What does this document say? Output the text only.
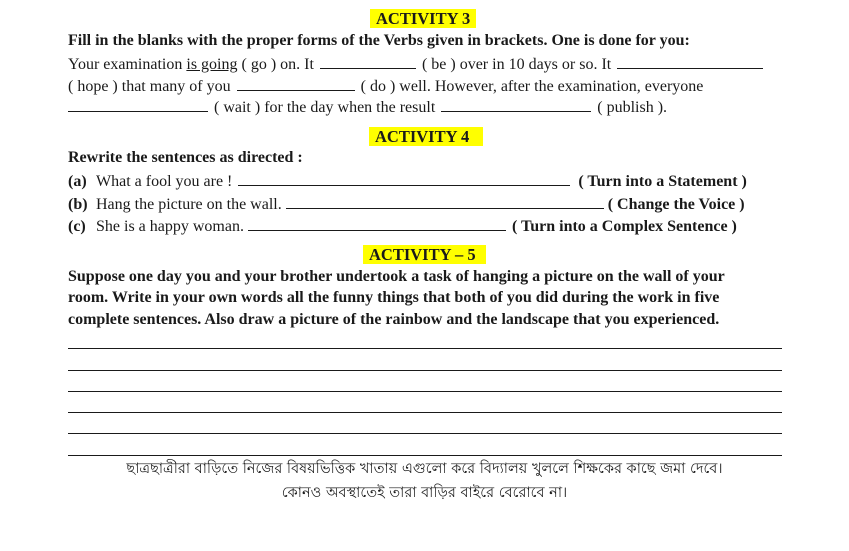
ACTIVITY 3
Fill in the blanks with the proper forms of the Verbs given in brackets. One is done for you:
Your examination is going ( go ) on. It	( be ) over in 10 days or so. It
( hope ) that many of you	( do ) well. However, after the examination, everyone
( wait ) for the day when the result	( publish ).
ACTIVITY 4
Rewrite the sentences as directed :
(a) What a fool you are !	( Turn into a Statement )
(b) Hang the picture on the wall.	( Change the Voice )
(c) She is a happy woman.	( Turn into a Complex Sentence )
ACTIVITY – 5
Suppose one day you and your brother undertook a task of hanging a picture on the wall of your
room. Write in your own words all the funny things that both of you did during the work in five
complete sentences. Also draw a picture of the rainbow and the landscape that you experienced.
ছাত্রছাত্রীরা বাড়িতে নিজের বিষয়ভিত্তিক খাতায় এগুলো করে বিদ্যালয় খুললে শিক্ষকের কাছে জমা দেবে।
কোনও অবস্থাতেই তারা বাড়ির বাইরে বেরোবে না।
